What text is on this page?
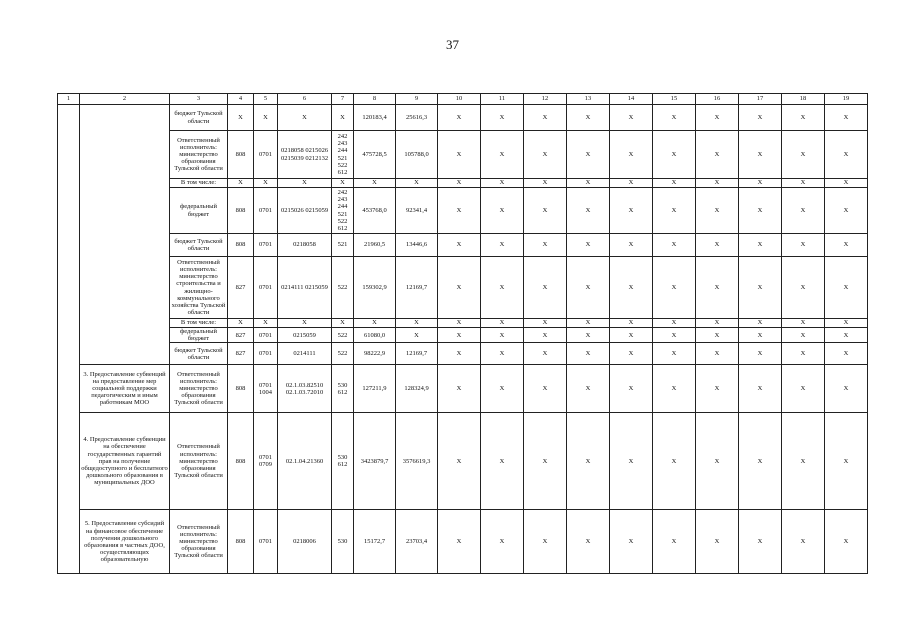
37
1	2	3	4	5	6	7	8	9	10	11	12	13	14	15	16	17	18	19
		бюджет Тульской области	X	X	X	X	120183,4	25616,3	X	X	X	X	X	X	X	X	X	X
		Ответственный исполнитель: министерство образования Тульской области	808	0701	0218058 0215026 0215039 0212132	242 243 244 521 522 612	475728,5	105788,0	X	X	X	X	X	X	X	X	X	X
		В том числе:	X	X	X	X	X	X	X	X	X	X	X	X	X	X	X	X
		федеральный бюджет	808	0701	0215026 0215059	242 243 244 521 522 612	453768,0	92341,4	X	X	X	X	X	X	X	X	X	X
		бюджет Тульской области	808	0701	0218058	521	21960,5	13446,6	X	X	X	X	X	X	X	X	X	X
		Ответственный исполнитель: министерство строительства и жилищно-коммунального хозяйства Тульской области	827	0701	0214111 0215059	522	159302,9	12169,7	X	X	X	X	X	X	X	X	X	X
		В том числе:	X	X	X	X	X	X	X	X	X	X	X	X	X	X	X	X
		федеральный бюджет	827	0701	0215059	522	61080,0	X	X	X	X	X	X	X	X	X	X	X
		бюджет Тульской области	827	0701	0214111	522	98222,9	12169,7	X	X	X	X	X	X	X	X	X	X
	3. Предоставление субвенций на предоставление мер социальной поддержки педагогическим и иным работникам МОО	Ответственный исполнитель: министерство образования Тульской области	808	0701 1004	02.1.03.82510 02.1.03.72010	530 612	127211,9	128324,9	X	X	X	X	X	X	X	X	X	X
	4. Предоставление субвенции на обеспечение государственных гарантий прав на получение общедоступного и бесплатного дошкольного образования в муниципальных ДОО	Ответственный исполнитель: министерство образования Тульской области	808	0701 0709	02.1.04.21360	530 612	3423879,7	3576619,3	X	X	X	X	X	X	X	X	X	X
	5. Предоставление субсидий на финансовое обеспечение получения дошкольного образования в частных ДОО, осуществляющих образовательную	Ответственный исполнитель: министерство образования Тульской области	808	0701	0218006	530	15172,7	23703,4	X	X	X	X	X	X	X	X	X	X
